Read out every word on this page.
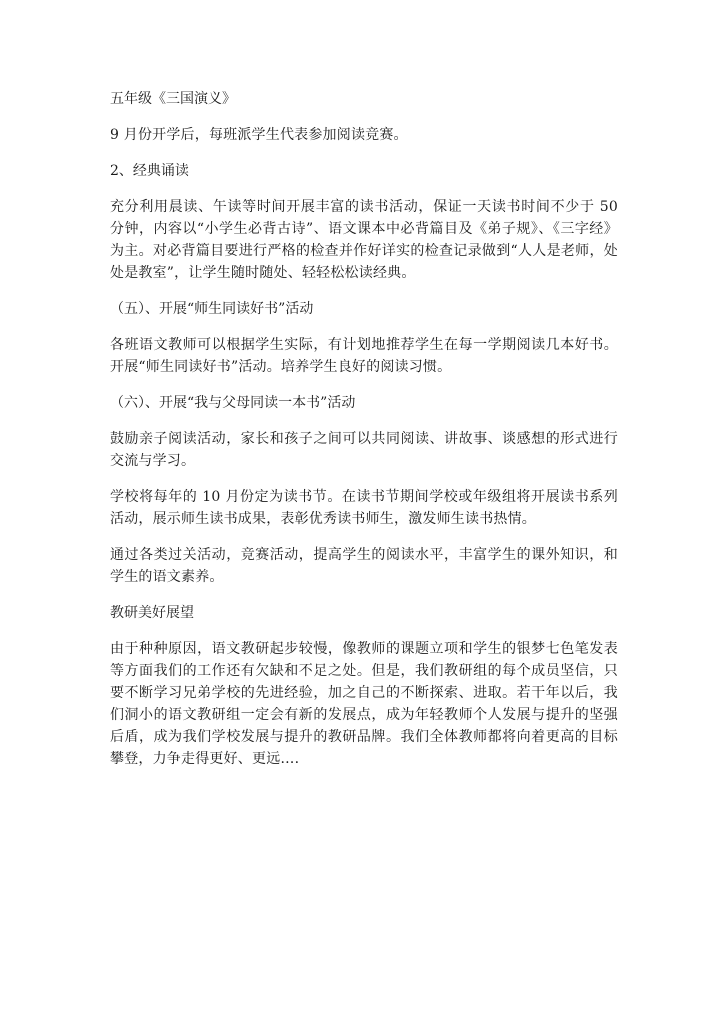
五年级《三国演义》

9 月份开学后，每班派学生代表参加阅读竞赛。

2、经典诵读

充分利用晨读、午读等时间开展丰富的读书活动，保证一天读书时间不少于 50 分钟，内容以“小学生必背古诗”、语文课本中必背篇目及《弟子规》、《三字经》为主。对必背篇目要进行严格的检查并作好详实的检查记录做到“人人是老师，处处是教室”，让学生随时随处、轻轻松松读经典。

（五）、开展“师生同读好书”活动

各班语文教师可以根据学生实际，有计划地推荐学生在每一学期阅读几本好书。开展“师生同读好书”活动。培养学生良好的阅读习惯。

（六）、开展“我与父母同读一本书”活动

鼓励亲子阅读活动，家长和孩子之间可以共同阅读、讲故事、谈感想的形式进行交流与学习。

学校将每年的 10 月份定为读书节。在读书节期间学校或年级组将开展读书系列活动，展示师生读书成果，表彰优秀读书师生，激发师生读书热情。

通过各类过关活动，竞赛活动，提高学生的阅读水平，丰富学生的课外知识，和学生的语文素养。

教研美好展望

由于种种原因，语文教研起步较慢，像教师的课题立项和学生的银梦七色笔发表等方面我们的工作还有欠缺和不足之处。但是，我们教研组的每个成员坚信，只要不断学习兄弟学校的先进经验，加之自己的不断探索、进取。若干年以后，我们洞小的语文教研组一定会有新的发展点，成为年轻教师个人发展与提升的坚强后盾，成为我们学校发展与提升的教研品牌。我们全体教师都将向着更高的目标攀登，力争走得更好、更远….
